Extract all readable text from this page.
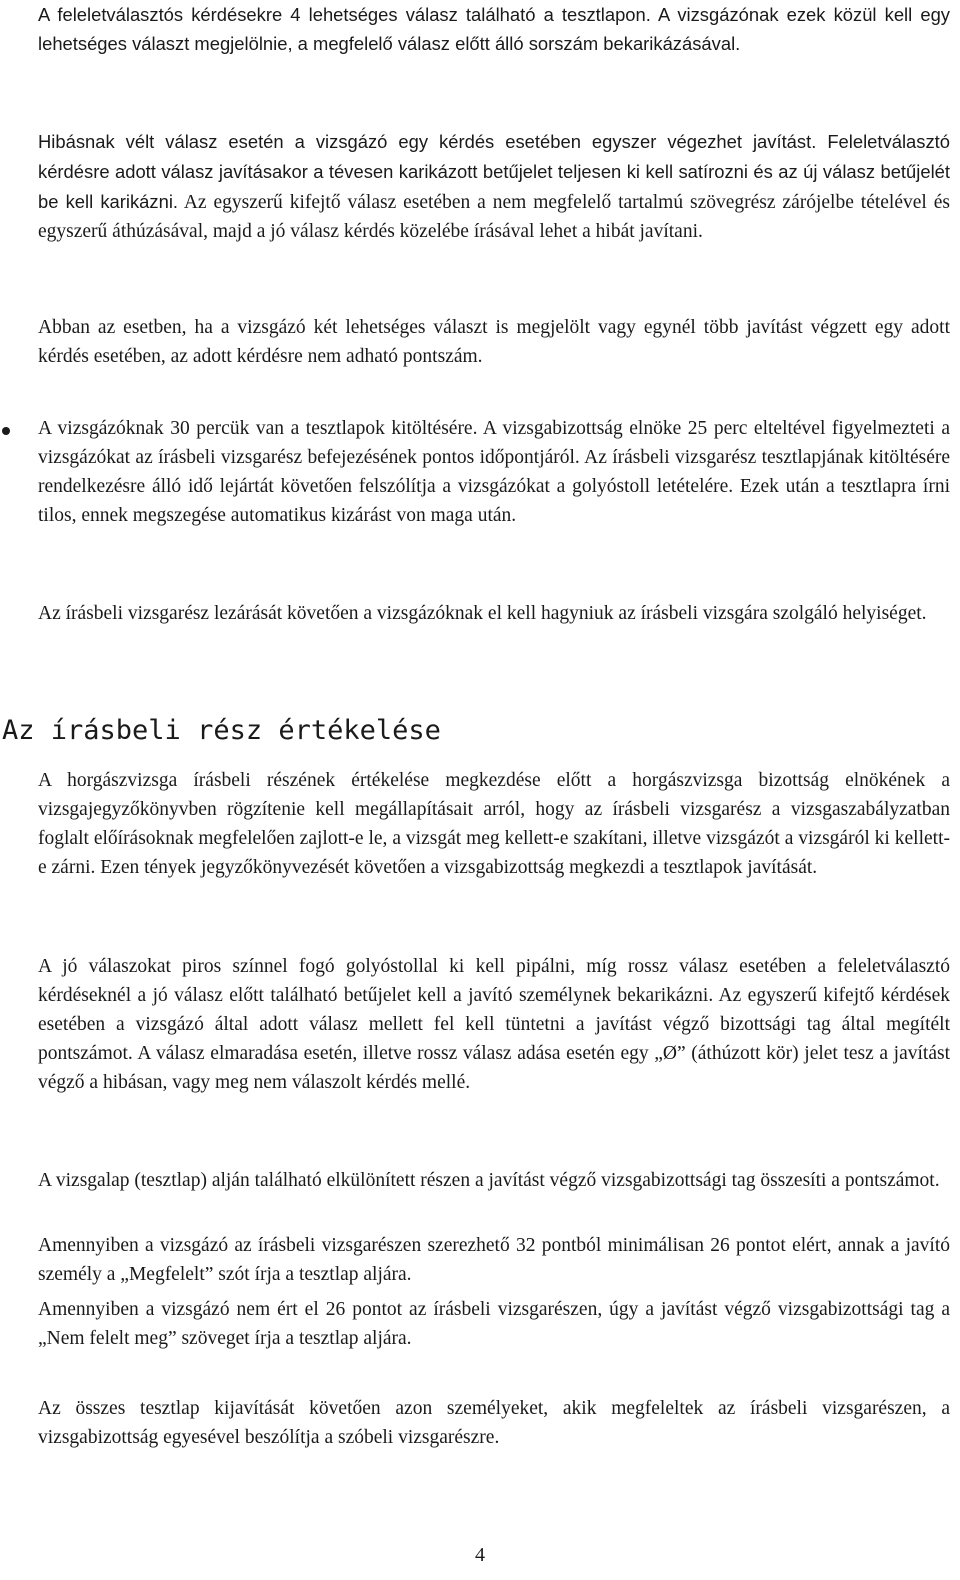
A feleletválasztós kérdésekre 4 lehetséges válasz található a tesztlapon. A vizsgázónak ezek közül kell egy lehetséges választ megjelölnie, a megfelelő válasz előtt álló sorszám bekarikázásával.

Hibásnak vélt válasz esetén a vizsgázó egy kérdés esetében egyszer végezhet javítást. Feleletválasztó kérdésre adott válasz javításakor a tévesen karikázott betűjelet teljesen ki kell satírozni és az új válasz betűjelét be kell karikázni. Az egyszerű kifejtő válasz esetében a nem megfelelő tartalmú szövegrész zárójelbe tételével és egyszerű áthúzásával, majd a jó válasz kérdés közelébe írásával lehet a hibát javítani.

Abban az esetben, ha a vizsgázó két lehetséges választ is megjelölt vagy egynél több javítást végzett egy adott kérdés esetében, az adott kérdésre nem adható pontszám.

A vizsgázóknak 30 percük van a tesztlapok kitöltésére. A vizsgabizottság elnöke 25 perc elteltével figyelmezteti a vizsgázókat az írásbeli vizsgarész befejezésének pontos időpontjáról. Az írásbeli vizsgarész tesztlapjának kitöltésére rendelkezésre álló idő lejártát követően felszólítja a vizsgázókat a golyóstoll letételére. Ezek után a tesztlapra írni tilos, ennek megszegése automatikus kizárást von maga után.

Az írásbeli vizsgarész lezárását követően a vizsgázóknak el kell hagyniuk az írásbeli vizsgára szolgáló helyiséget.

Az írásbeli rész értékelése

A horgászvizsga írásbeli részének értékelése megkezdése előtt a horgászvizsga bizottság elnökének a vizsgajegyzőkönyvben rögzítenie kell megállapításait arról, hogy az írásbeli vizsgarész a vizsgaszabályzatban foglalt előírásoknak megfelelően zajlott-e le, a vizsgát meg kellett-e szakítani, illetve vizsgázót a vizsgáról ki kellett-e zárni. Ezen tények jegyzőkönyvezését követően a vizsgabizottság megkezdi a tesztlapok javítását.

A jó válaszokat piros színnel fogó golyóstollal ki kell pipálni, míg rossz válasz esetében a feleletválasztó kérdéseknél a jó válasz előtt található betűjelet kell a javító személynek bekarikázni. Az egyszerű kifejtő kérdések esetében a vizsgázó által adott válasz mellett fel kell tüntetni a javítást végző bizottsági tag által megítélt pontszámot. A válasz elmaradása esetén, illetve rossz válasz adása esetén egy „Ø” (áthúzott kör) jelet tesz a javítást végző a hibásan, vagy meg nem válaszolt kérdés mellé.

A vizsgalap (tesztlap) alján található elkülönített részen a javítást végző vizsgabizottsági tag összesíti a pontszámot.

Amennyiben a vizsgázó az írásbeli vizsgarészen szerezhető 32 pontból minimálisan 26 pontot elért, annak a javító személy a „Megfelelt” szót írja a tesztlap aljára.

Amennyiben a vizsgázó nem ért el 26 pontot az írásbeli vizsgarészen, úgy a javítást végző vizsgabizottsági tag a „Nem felelt meg” szöveget írja a tesztlap aljára.

Az összes tesztlap kijavítását követően azon személyeket, akik megfeleltek az írásbeli vizsgarészen, a vizsgabizottság egyesével beszólítja a szóbeli vizsgarészre.

4
